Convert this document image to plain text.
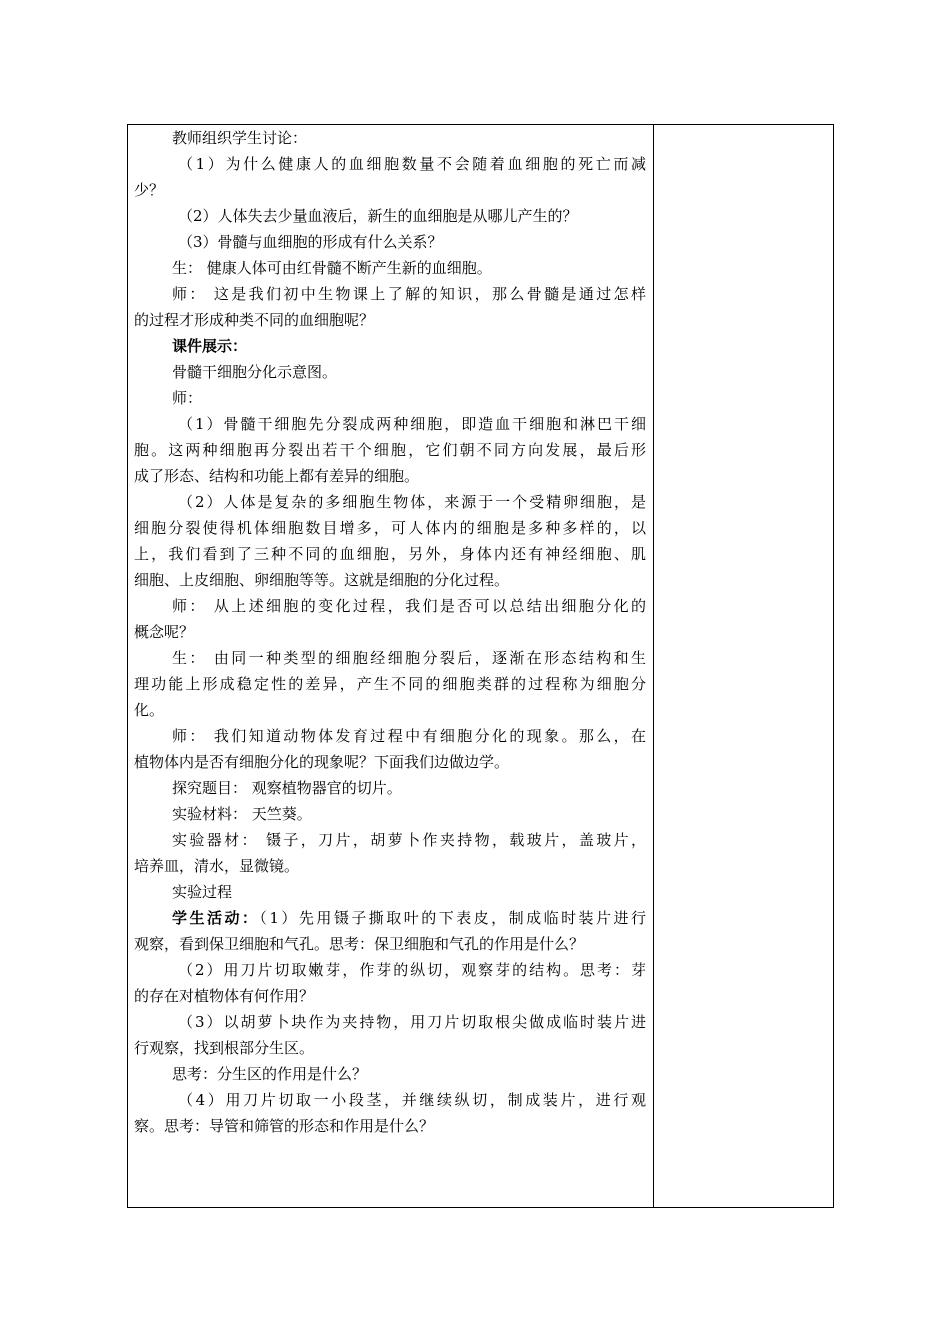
教师组织学生讨论：
（1）为什么健康人的血细胞数量不会随着血细胞的死亡而减
少？
（2）人体失去少量血液后，新生的血细胞是从哪儿产生的？
（3）骨髓与血细胞的形成有什么关系？
生： 健康人体可由红骨髓不断产生新的血细胞。
师： 这是我们初中生物课上了解的知识，那么骨髓是通过怎样
的过程才形成种类不同的血细胞呢？
课件展示：
骨髓干细胞分化示意图。
师：
（1）骨髓干细胞先分裂成两种细胞，即造血干细胞和淋巴干细
胞。这两种细胞再分裂出若干个细胞，它们朝不同方向发展，最后形
成了形态、结构和功能上都有差异的细胞。
（2）人体是复杂的多细胞生物体，来源于一个受精卵细胞，是
细胞分裂使得机体细胞数目增多，可人体内的细胞是多种多样的，以
上，我们看到了三种不同的血细胞，另外，身体内还有神经细胞、肌
细胞、上皮细胞、卵细胞等等。这就是细胞的分化过程。
师： 从上述细胞的变化过程，我们是否可以总结出细胞分化的
概念呢？
生： 由同一种类型的细胞经细胞分裂后，逐渐在形态结构和生
理功能上形成稳定性的差异，产生不同的细胞类群的过程称为细胞分
化。
师： 我们知道动物体发育过程中有细胞分化的现象。那么，在
植物体内是否有细胞分化的现象呢？下面我们边做边学。
探究题目： 观察植物器官的切片。
实验材料： 天竺葵。
实验器材： 镊子，刀片，胡萝卜作夹持物，载玻片，盖玻片，
培养皿，清水，显微镜。
实验过程
学生活动：（1）先用镊子撕取叶的下表皮，制成临时装片进行
观察，看到保卫细胞和气孔。思考：保卫细胞和气孔的作用是什么？
（2）用刀片切取嫩芽，作芽的纵切，观察芽的结构。思考：芽
的存在对植物体有何作用？
（3）以胡萝卜块作为夹持物，用刀片切取根尖做成临时装片进
行观察，找到根部分生区。
思考：分生区的作用是什么？
（4）用刀片切取一小段茎，并继续纵切，制成装片，进行观
察。思考：导管和筛管的形态和作用是什么？
